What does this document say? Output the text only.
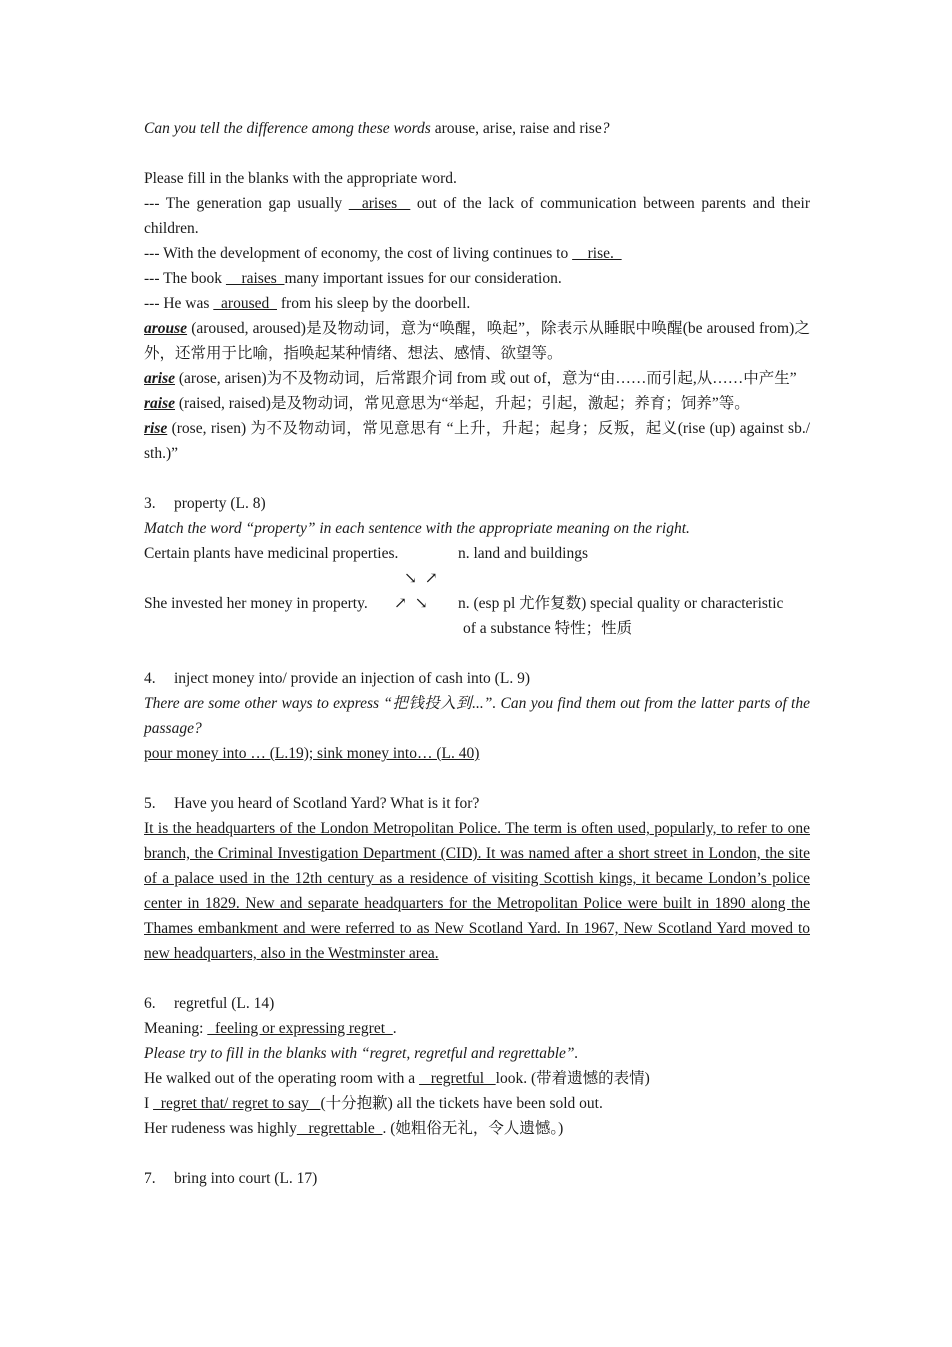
Can you tell the difference among these words arouse, arise, raise and rise?

Please fill in the blanks with the appropriate word.

--- The generation gap usually   arises   out of the lack of communication between parents and their children.

--- With the development of economy, the cost of living continues to     rise.

--- The book     raises  many important issues for our consideration.

--- He was   aroused   from his sleep by the doorbell.

arouse (aroused, aroused)是及物动词，意为“唤醒，唤起”，除表示从睡眠中唤醒(be aroused from)之外，还常用于比喻，指唤起某种情绪、想法、感情、欲望等。

arise (arose, arisen)为不及物动词，后常跟介词 from 或 out of，意为“由……而引起,从……中产生”

raise (raised, raised)是及物动词，常见意思为“举起，升起；引起，激起；养育；饲养”等。

rise (rose, risen) 为不及物动词，常见意思有 “上升，升起；起身；反叛，起义(rise (up) against sb./ sth.)”

3. property (L. 8)

Match the word “property” in each sentence with the appropriate meaning on the right.

Certain plants have medicinal properties.	n. land and buildings
↘  ↗
She invested her money in property. ↗  ↘ n. (esp pl 尤作复数) special quality or characteristic
of a substance 特性；性质

4. inject money into/ provide an injection of cash into (L. 9)

There are some other ways to express “把钱投入到...”. Can you find them out from the latter parts of the passage?

pour money into … (L.19); sink money into… (L. 40)

5. Have you heard of Scotland Yard? What is it for?

It is the headquarters of the London Metropolitan Police. The term is often used, popularly, to refer to one branch, the Criminal Investigation Department (CID). It was named after a short street in London, the site of a palace used in the 12th century as a residence of visiting Scottish kings, it became London’s police center in 1829. New and separate headquarters for the Metropolitan Police were built in 1890 along the Thames embankment and were referred to as New Scotland Yard. In 1967, New Scotland Yard moved to new headquarters, also in the Westminster area.

6. regretful (L. 14)

Meaning:   feeling or expressing regret  .

Please try to fill in the blanks with “regret, regretful and regrettable”.

He walked out of the operating room with a    regretful   look. (带着遗憾的表情)

I   regret that/ regret to say   (十分抱歉) all the tickets have been sold out.

Her rudeness was highly   regrettable  . (她粗俗无礼，令人遗憾。)

7. bring into court (L. 17)
